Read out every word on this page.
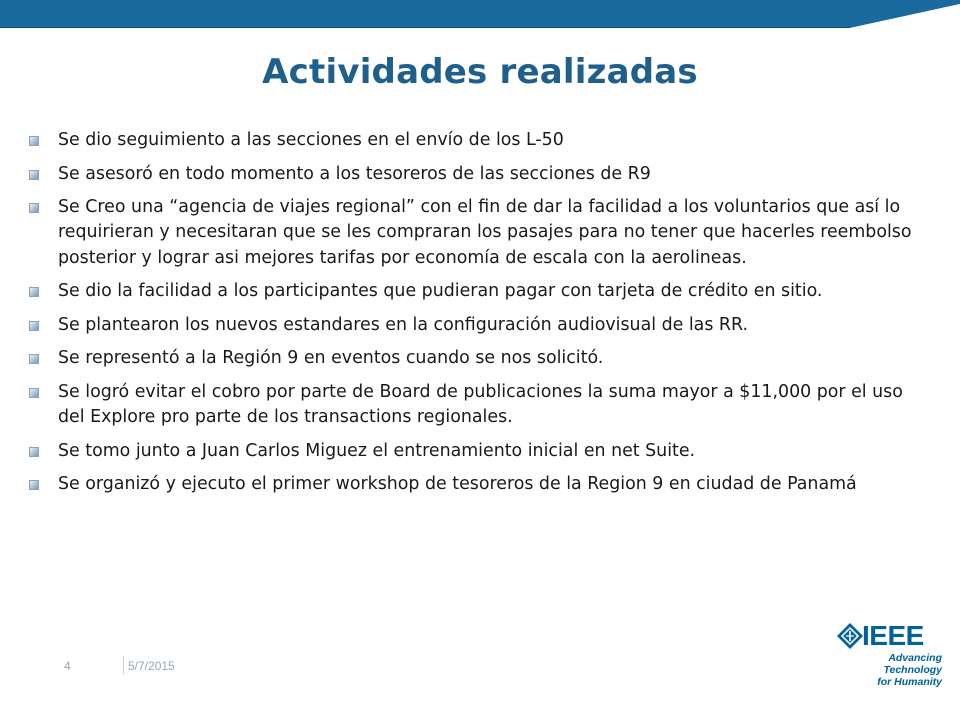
Actividades realizadas
Se dio seguimiento a las secciones en el envío de los L-50
Se asesoró en todo momento a los tesoreros de las secciones de R9
Se Creo una “agencia de viajes regional” con el fin de dar la facilidad a los voluntarios que así lo requirieran y necesitaran que se les compraran los pasajes para no tener que hacerles reembolso posterior y lograr asi mejores tarifas por economía de escala con la aerolineas.
Se dio la facilidad a los participantes que pudieran pagar con tarjeta de crédito en sitio.
Se plantearon los nuevos estandares en la configuración audiovisual de las RR.
Se representó a la Región 9 en eventos cuando se nos solicitó.
Se logró evitar el cobro por parte de Board de publicaciones la suma mayor a $11,000 por el uso del Explore pro parte de los transactions regionales.
Se tomo junto a Juan Carlos Miguez el entrenamiento inicial en net Suite.
Se organizó y ejecuto el primer workshop de tesoreros de la Region 9 en ciudad de Panamá
4	5/7/2015
IEEE
Advancing Technology
for Humanity
